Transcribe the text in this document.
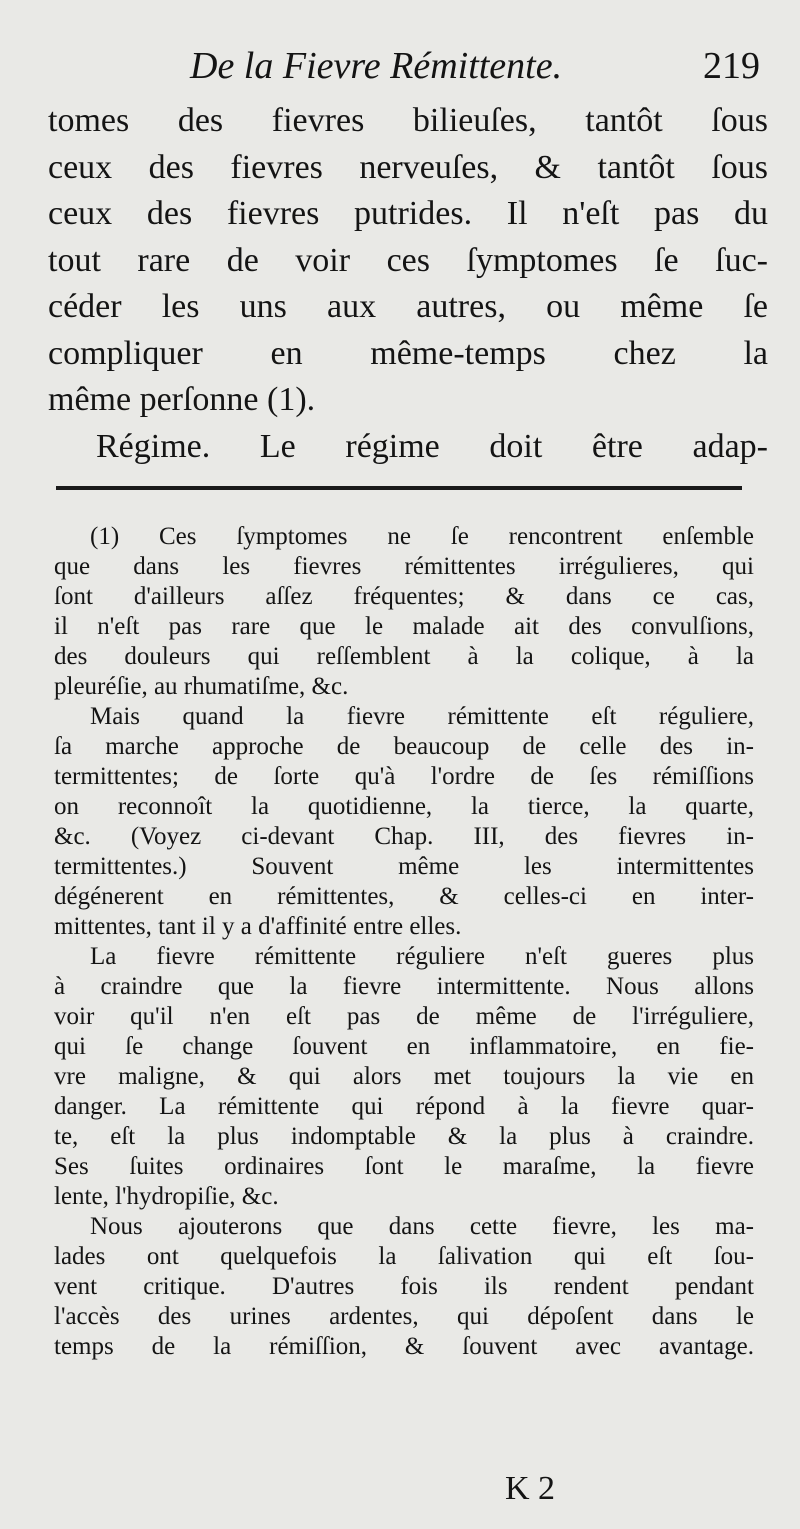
De la Fievre Rémittente.	219
tomes des fievres bilieuſes, tantôt ſous
ceux des fievres nerveuſes, & tantôt ſous
ceux des fievres putrides. Il n'eſt pas du
tout rare de voir ces ſymptomes ſe ſuc-
céder les uns aux autres, ou même ſe
compliquer en même-temps chez la
même perſonne (1).
Régime. Le régime doit être adap-
(1) Ces ſymptomes ne ſe rencontrent enſemble
que dans les fievres rémittentes irrégulieres, qui
ſont d'ailleurs aſſez fréquentes; & dans ce cas,
il n'eſt pas rare que le malade ait des convulſions,
des douleurs qui reſſemblent à la colique, à la
pleuréſie, au rhumatiſme, &c.
Mais quand la fievre rémittente eſt réguliere,
ſa marche approche de beaucoup de celle des in-
termittentes; de ſorte qu'à l'ordre de ſes rémiſſions
on reconnoît la quotidienne, la tierce, la quarte,
&c. (Voyez ci-devant Chap. III, des fievres in-
termittentes.) Souvent même les intermittentes
dégénerent en rémittentes, & celles-ci en inter-
mittentes, tant il y a d'affinité entre elles.
La fievre rémittente réguliere n'eſt gueres plus
à craindre que la fievre intermittente. Nous allons
voir qu'il n'en eſt pas de même de l'irréguliere,
qui ſe change ſouvent en inflammatoire, en fie-
vre maligne, & qui alors met toujours la vie en
danger. La rémittente qui répond à la fievre quar-
te, eſt la plus indomptable & la plus à craindre.
Ses ſuites ordinaires ſont le maraſme, la fievre
lente, l'hydropiſie, &c.
Nous ajouterons que dans cette fievre, les ma-
lades ont quelquefois la ſalivation qui eſt ſou-
vent critique. D'autres fois ils rendent pendant
l'accès des urines ardentes, qui dépoſent dans le
temps de la rémiſſion, & ſouvent avec avantage.
K 2
